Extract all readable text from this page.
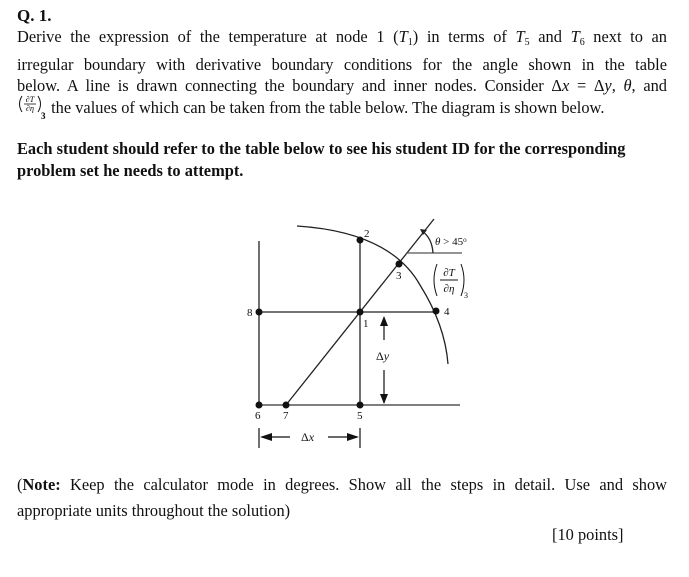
Q. 1.
Derive the expression of the temperature at node 1 $(T_1)$ in terms of $T_5$ and $T_6$ next to an
irregular boundary with derivative boundary conditions for the angle shown in the table
below. A line is drawn connecting the boundary and inner nodes. Consider Δx = Δy, θ, and
∂T
∂η
3 the values of which can be taken from the table below. The diagram is shown below.
Each student should refer to the table below to see his student ID for the corresponding problem set he needs to attempt.
1
2
3
4
5
6 7
8
$\theta > 45^o$
∂T
∂η
3
Δy
Δx
(Note: Keep the calculator mode in degrees. Show all the steps in detail. Use and show
appropriate units throughout the solution)
[10 points]
